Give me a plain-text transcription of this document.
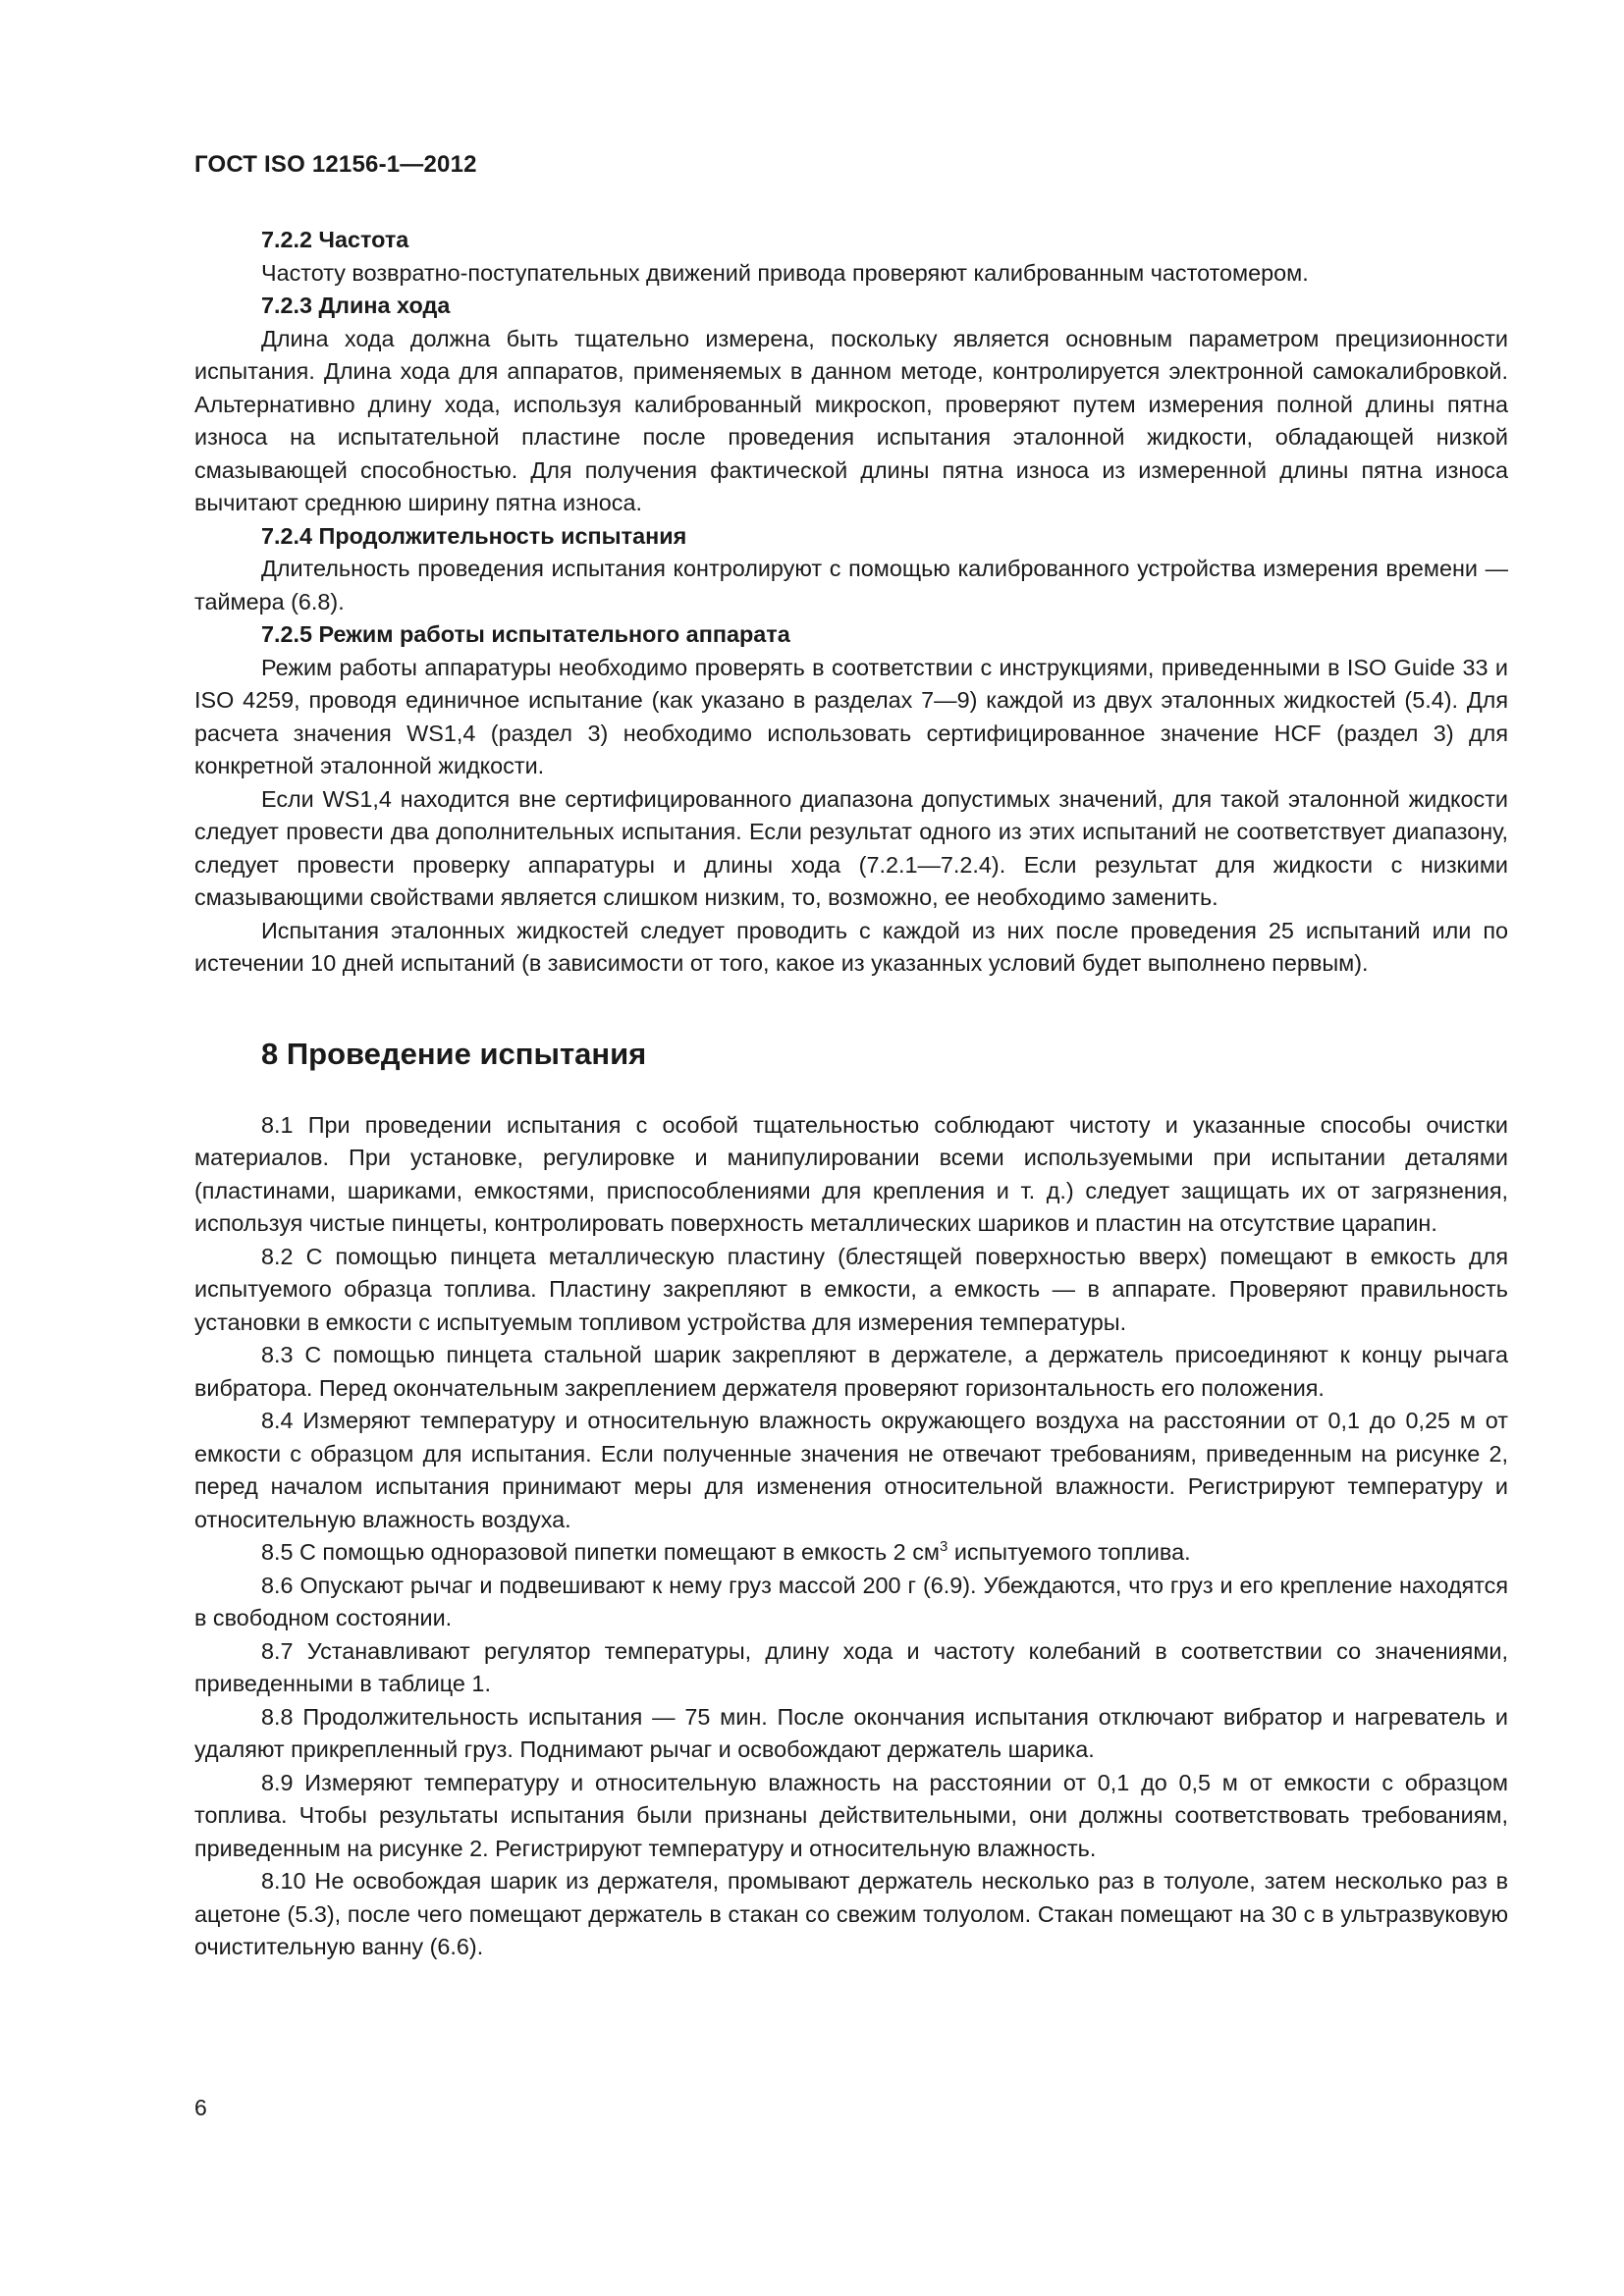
ГОСТ ISO 12156-1—2012

7.2.2 Частота

Частоту возвратно-поступательных движений привода проверяют калиброванным частотомером.

7.2.3 Длина хода

Длина хода должна быть тщательно измерена, поскольку является основным параметром прецизионности испытания. Длина хода для аппаратов, применяемых в данном методе, контролируется электронной самокалибровкой. Альтернативно длину хода, используя калиброванный микроскоп, проверяют путем измерения полной длины пятна износа на испытательной пластине после проведения испытания эталонной жидкости, обладающей низкой смазывающей способностью. Для получения фактической длины пятна износа из измеренной длины пятна износа вычитают среднюю ширину пятна износа.

7.2.4 Продолжительность испытания

Длительность проведения испытания контролируют с помощью калиброванного устройства измерения времени — таймера (6.8).

7.2.5 Режим работы испытательного аппарата

Режим работы аппаратуры необходимо проверять в соответствии с инструкциями, приведенными в ISO Guide 33 и ISO 4259, проводя единичное испытание (как указано в разделах 7—9) каждой из двух эталонных жидкостей (5.4). Для расчета значения WS1,4 (раздел 3) необходимо использовать сертифицированное значение HCF (раздел 3) для конкретной эталонной жидкости.

Если WS1,4 находится вне сертифицированного диапазона допустимых значений, для такой эталонной жидкости следует провести два дополнительных испытания. Если результат одного из этих испытаний не соответствует диапазону, следует провести проверку аппаратуры и длины хода (7.2.1—7.2.4). Если результат для жидкости с низкими смазывающими свойствами является слишком низким, то, возможно, ее необходимо заменить.

Испытания эталонных жидкостей следует проводить с каждой из них после проведения 25 испытаний или по истечении 10 дней испытаний (в зависимости от того, какое из указанных условий будет выполнено первым).

8 Проведение испытания

8.1 При проведении испытания с особой тщательностью соблюдают чистоту и указанные способы очистки материалов. При установке, регулировке и манипулировании всеми используемыми при испытании деталями (пластинами, шариками, емкостями, приспособлениями для крепления и т. д.) следует защищать их от загрязнения, используя чистые пинцеты, контролировать поверхность металлических шариков и пластин на отсутствие царапин.

8.2 С помощью пинцета металлическую пластину (блестящей поверхностью вверх) помещают в емкость для испытуемого образца топлива. Пластину закрепляют в емкости, а емкость — в аппарате. Проверяют правильность установки в емкости с испытуемым топливом устройства для измерения температуры.

8.3 С помощью пинцета стальной шарик закрепляют в держателе, а держатель присоединяют к концу рычага вибратора. Перед окончательным закреплением держателя проверяют горизонтальность его положения.

8.4 Измеряют температуру и относительную влажность окружающего воздуха на расстоянии от 0,1 до 0,25 м от емкости с образцом для испытания. Если полученные значения не отвечают требованиям, приведенным на рисунке 2, перед началом испытания принимают меры для изменения относительной влажности. Регистрируют температуру и относительную влажность воздуха.

8.5 С помощью одноразовой пипетки помещают в емкость 2 $см^3$ испытуемого топлива.

8.6 Опускают рычаг и подвешивают к нему груз массой 200 г (6.9). Убеждаются, что груз и его крепление находятся в свободном состоянии.

8.7 Устанавливают регулятор температуры, длину хода и частоту колебаний в соответствии со значениями, приведенными в таблице 1.

8.8 Продолжительность испытания — 75 мин. После окончания испытания отключают вибратор и нагреватель и удаляют прикрепленный груз. Поднимают рычаг и освобождают держатель шарика.

8.9 Измеряют температуру и относительную влажность на расстоянии от 0,1 до 0,5 м от емкости с образцом топлива. Чтобы результаты испытания были признаны действительными, они должны соответствовать требованиям, приведенным на рисунке 2. Регистрируют температуру и относительную влажность.

8.10 Не освобождая шарик из держателя, промывают держатель несколько раз в толуоле, затем несколько раз в ацетоне (5.3), после чего помещают держатель в стакан со свежим толуолом. Стакан помещают на 30 с в ультразвуковую очистительную ванну (6.6).

6
